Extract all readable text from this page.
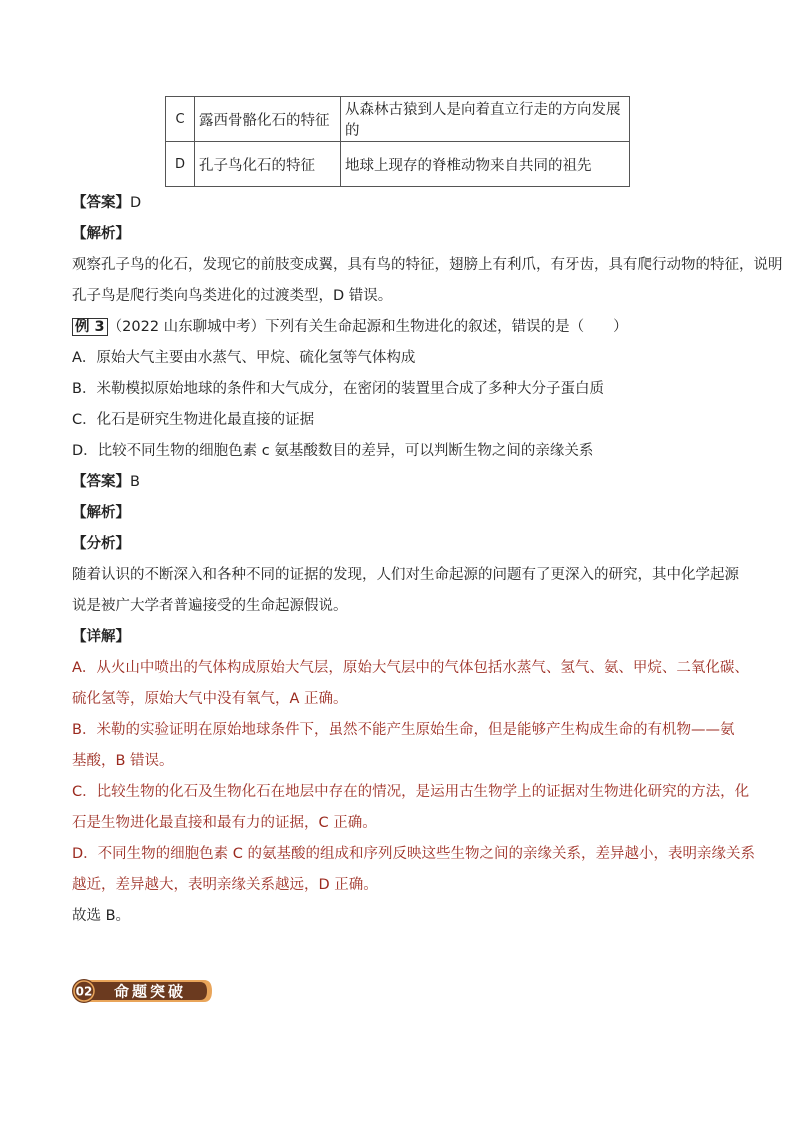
C	露西骨骼化石的特征	从森林古猿到人是向着直立行走的方向发展的
D	孔子鸟化石的特征	地球上现存的脊椎动物来自共同的祖先
【答案】D
【解析】
观察孔子鸟的化石，发现它的前肢变成翼，具有鸟的特征，翅膀上有利爪，有牙齿，具有爬行动物的特征，说明
孔子鸟是爬行类向鸟类进化的过渡类型，D 错误。
例 3 （2022 山东聊城中考）下列有关生命起源和生物进化的叙述，错误的是（　　）
A．原始大气主要由水蒸气、甲烷、硫化氢等气体构成
B．米勒模拟原始地球的条件和大气成分，在密闭的装置里合成了多种大分子蛋白质
C．化石是研究生物进化最直接的证据
D．比较不同生物的细胞色素 c 氨基酸数目的差异，可以判断生物之间的亲缘关系
【答案】B
【解析】
【分析】
随着认识的不断深入和各种不同的证据的发现，人们对生命起源的问题有了更深入的研究，其中化学起源
说是被广大学者普遍接受的生命起源假说。
【详解】
A．从火山中喷出的气体构成原始大气层，原始大气层中的气体包括水蒸气、氢气、氨、甲烷、二氧化碳、
硫化氢等，原始大气中没有氧气，A 正确。
B．米勒的实验证明在原始地球条件下，虽然不能产生原始生命，但是能够产生构成生命的有机物——氨
基酸，B 错误。
C．比较生物的化石及生物化石在地层中存在的情况，是运用古生物学上的证据对生物进化研究的方法，化
石是生物进化最直接和最有力的证据，C 正确。
D．不同生物的细胞色素 C 的氨基酸的组成和序列反映这些生物之间的亲缘关系，差异越小，表明亲缘关系
越近，差异越大，表明亲缘关系越远，D 正确。
故选 B。
02 命题突破
